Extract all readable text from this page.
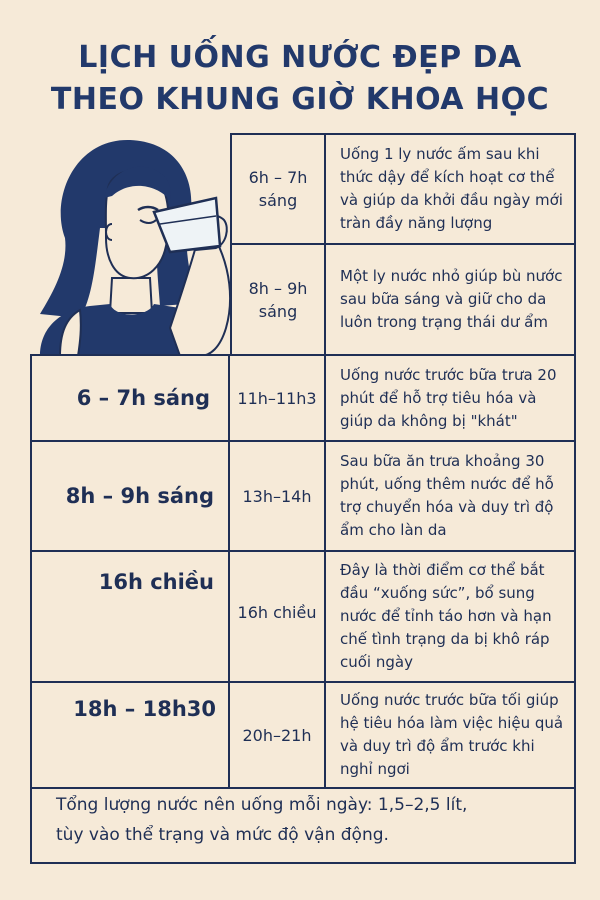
LỊCH UỐNG NƯỚC ĐẸP DA
THEO KHUNG GIỜ KHOA HỌC
6h – 7h
sáng
Uống 1 ly nước ấm sau khi thức dậy để kích hoạt cơ thể và giúp da khởi đầu ngày mới tràn đầy năng lượng
8h – 9h
sáng
Một ly nước nhỏ giúp bù nước sau bữa sáng và giữ cho da luôn trong trạng thái dư ẩm
6 – 7h sáng	11h–11h3
Uống nước trước bữa trưa 20 phút để hỗ trợ tiêu hóa và giúp da không bị "khát"
8h – 9h sáng	13h–14h
Sau bữa ăn trưa khoảng 30 phút, uống thêm nước để hỗ trợ chuyển hóa và duy trì độ ẩm cho làn da
16h chiều
16h chiều
Đây là thời điểm cơ thể bắt đầu “xuống sức”, bổ sung nước để tỉnh táo hơn và hạn chế tình trạng da bị khô ráp cuối ngày
18h – 18h30
20h–21h
Uống nước trước bữa tối giúp hệ tiêu hóa làm việc hiệu quả và duy trì độ ẩm trước khi nghỉ ngơi
Tổng lượng nước nên uống mỗi ngày: 1,5–2,5 lít,
tùy vào thể trạng và mức độ vận động.
